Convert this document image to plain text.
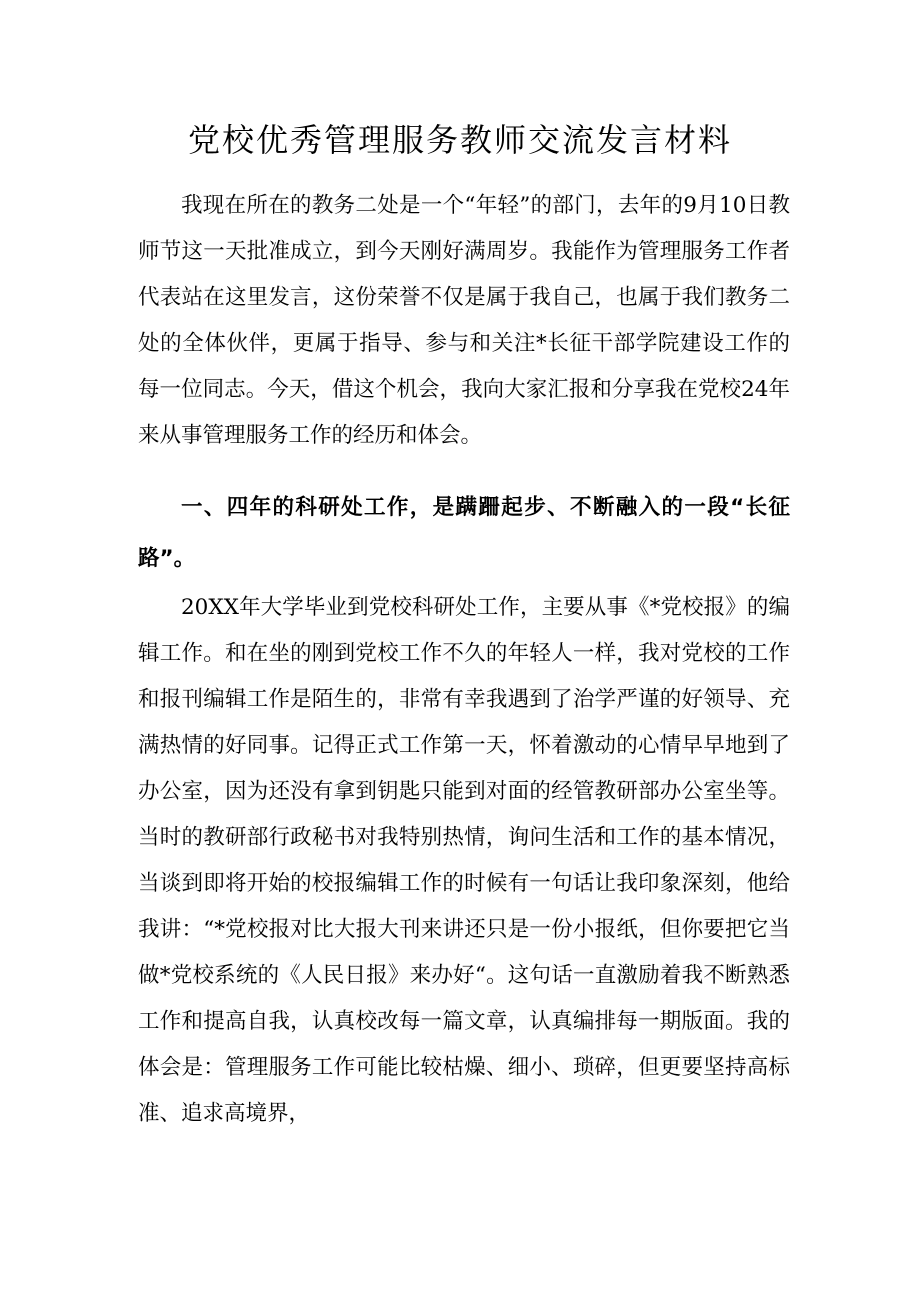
党校优秀管理服务教师交流发言材料
我现在所在的教务二处是一个“年轻”的部门，去年的9月10日教师节这一天批准成立，到今天刚好满周岁。我能作为管理服务工作者代表站在这里发言，这份荣誉不仅是属于我自己，也属于我们教务二处的全体伙伴，更属于指导、参与和关注*长征干部学院建设工作的每一位同志。今天，借这个机会，我向大家汇报和分享我在党校24年来从事管理服务工作的经历和体会。
一、四年的科研处工作，是蹒跚起步、不断融入的一段“长征路”。
20XX年大学毕业到党校科研处工作，主要从事《*党校报》的编辑工作。和在坐的刚到党校工作不久的年轻人一样，我对党校的工作和报刊编辑工作是陌生的，非常有幸我遇到了治学严谨的好领导、充满热情的好同事。记得正式工作第一天，怀着激动的心情早早地到了办公室，因为还没有拿到钥匙只能到对面的经管教研部办公室坐等。当时的教研部行政秘书对我特别热情，询问生活和工作的基本情况，当谈到即将开始的校报编辑工作的时候有一句话让我印象深刻，他给我讲：“*党校报对比大报大刊来讲还只是一份小报纸，但你要把它当做*党校系统的《人民日报》来办好“。这句话一直激励着我不断熟悉工作和提高自我，认真校改每一篇文章，认真编排每一期版面。我的体会是：管理服务工作可能比较枯燥、细小、琐碎，但更要坚持高标准、追求高境界，
